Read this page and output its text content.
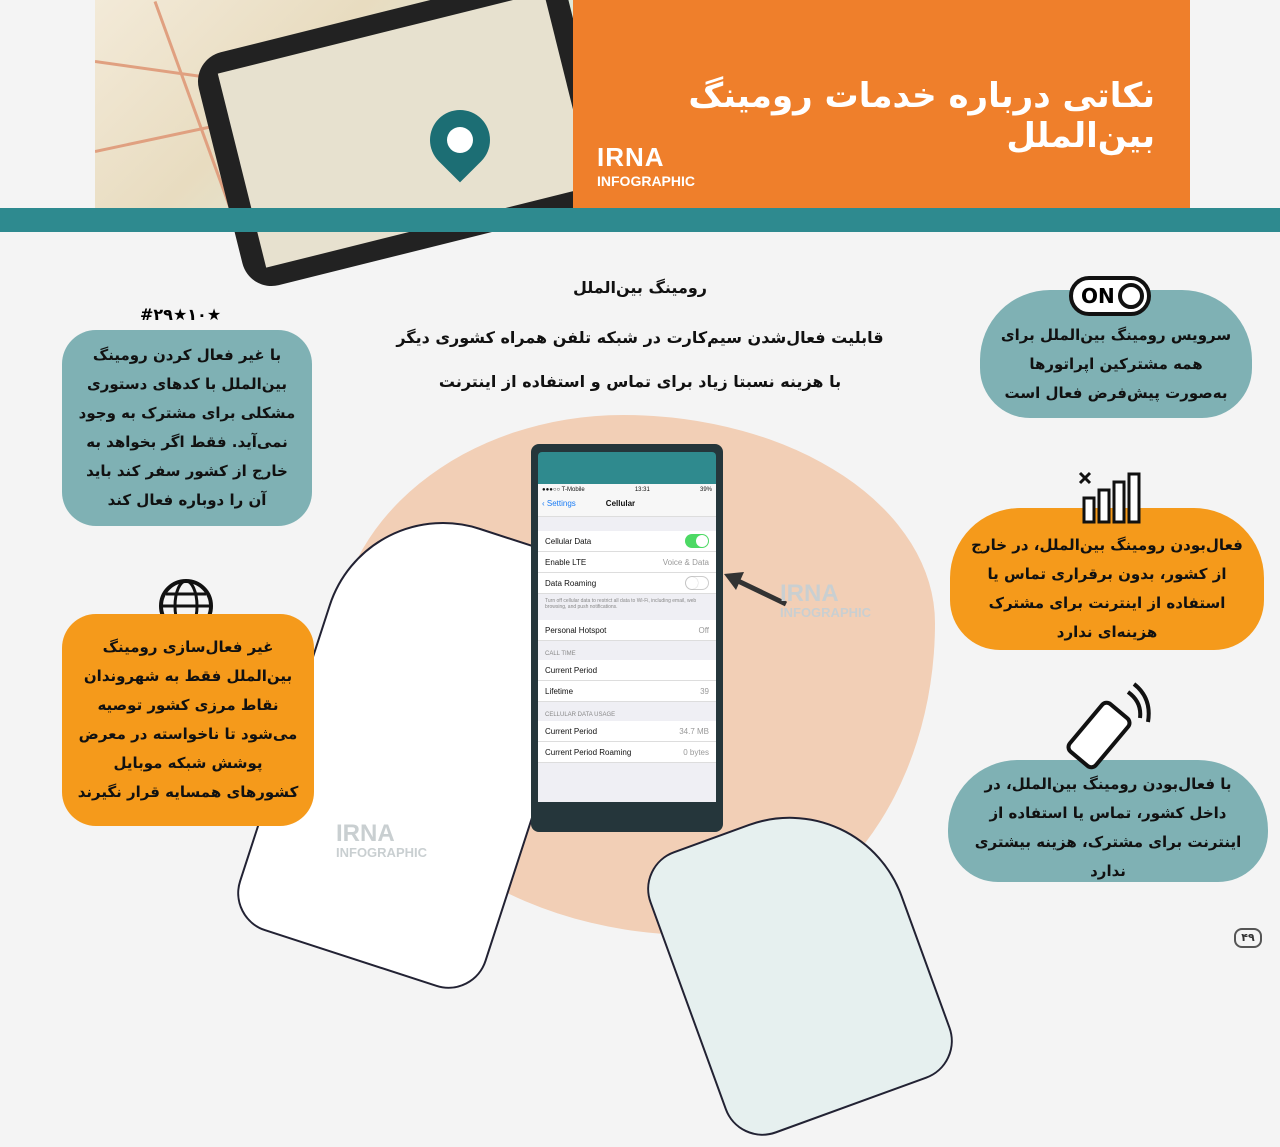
نکاتی درباره خدمات رومینگ بین‌الملل
IRNA
INFOGRAPHIC
رومینگ بین‌الملل
قابلیت فعال‌شدن سیم‌کارت در شبکه تلفن همراه کشوری دیگر
با هزینه نسبتا زیاد برای تماس و استفاده از اینترنت
●●●○○ T-Mobile	13:31	39%
‹ Settings	Cellular
Cellular Data
Enable LTE	Voice & Data
Data Roaming
Turn off cellular data to restrict all data to Wi-Fi, including email, web browsing, and push notifications.
Personal Hotspot	Off
CALL TIME
Current Period
Lifetime	39
CELLULAR DATA USAGE
Current Period	34.7 MB
Current Period Roaming	0 bytes
IRNA
INFOGRAPHIC
IRNA
INFOGRAPHIC
#۲۹★۱۰★
با غیر فعال کردن رومینگ بین‌الملل با کدهای دستوری مشکلی برای مشترک به وجود نمی‌آید. فقط اگر بخواهد به خارج از کشور سفر کند باید آن را دوباره فعال کند
غیر فعال‌سازی رومینگ بین‌الملل فقط به شهروندان نقاط مرزی کشور توصیه می‌شود تا ناخواسته در معرض پوشش شبکه موبایل کشورهای همسایه قرار نگیرند
سرویس رومینگ بین‌الملل برای همه مشترکین اپراتورها به‌صورت پیش‌فرض فعال است
ON
فعال‌بودن رومینگ بین‌الملل، در خارج از کشور، بدون برقراری تماس یا استفاده از اینترنت برای مشترک هزینه‌ای ندارد
با فعال‌بودن رومینگ بین‌الملل، در داخل کشور، تماس یا استفاده از اینترنت برای مشترک، هزینه بیشتری ندارد
۴۹
